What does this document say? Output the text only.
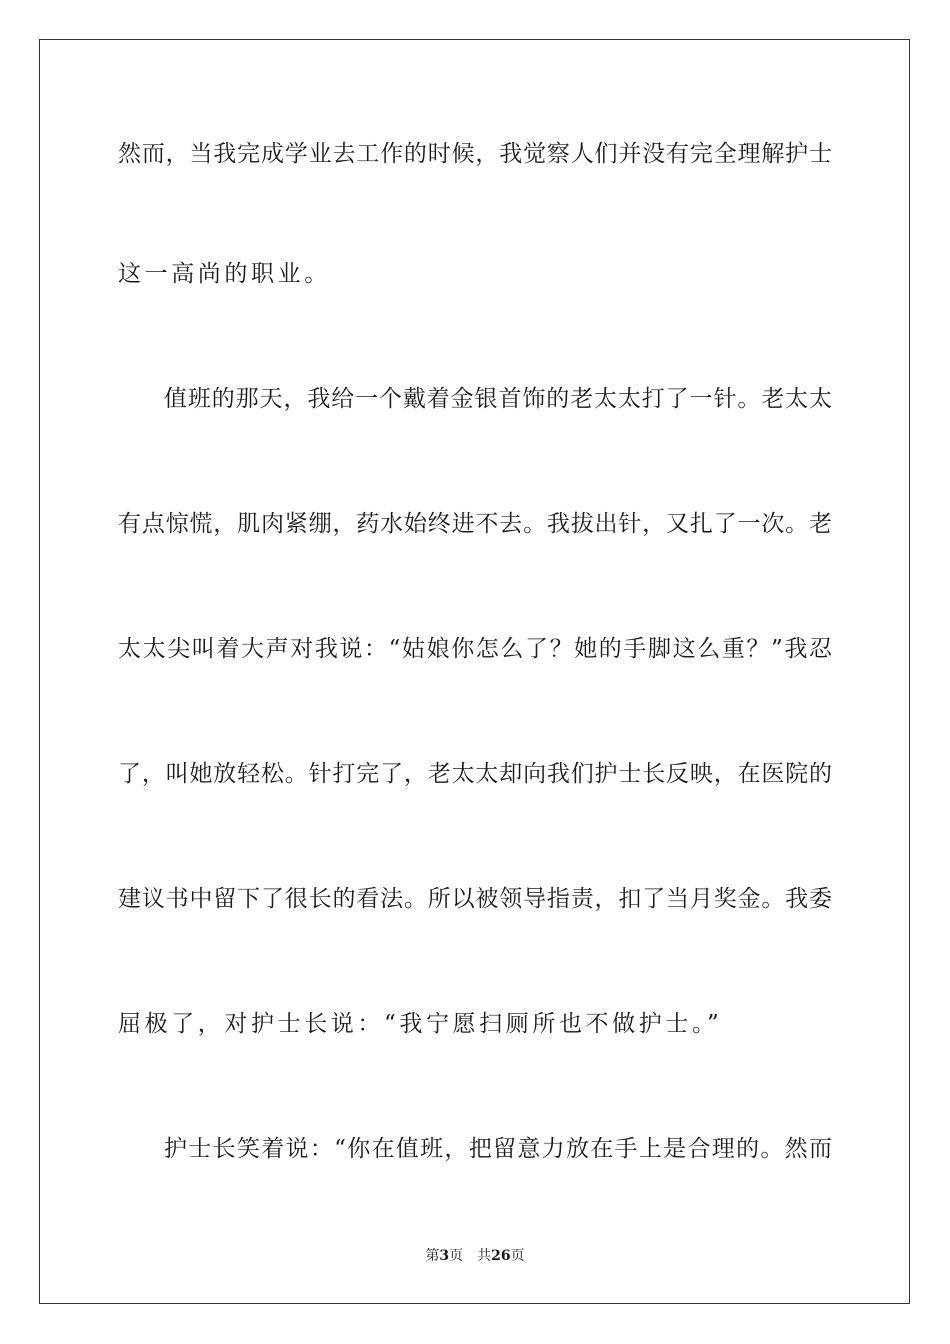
然而，当我完成学业去工作的时候，我觉察人们并没有完全理解护士
这一高尚的职业。
值班的那天，我给一个戴着金银首饰的老太太打了一针。老太太
有点惊慌，肌肉紧绷，药水始终进不去。我拔出针，又扎了一次。老
太太尖叫着大声对我说：“姑娘你怎么了？她的手脚这么重？”我忍
了，叫她放轻松。针打完了，老太太却向我们护士长反映，在医院的
建议书中留下了很长的看法。所以被领导指责，扣了当月奖金。我委
屈极了，对护士长说：“我宁愿扫厕所也不做护士。”
护士长笑着说：“你在值班，把留意力放在手上是合理的。然而
第3页 共26页
